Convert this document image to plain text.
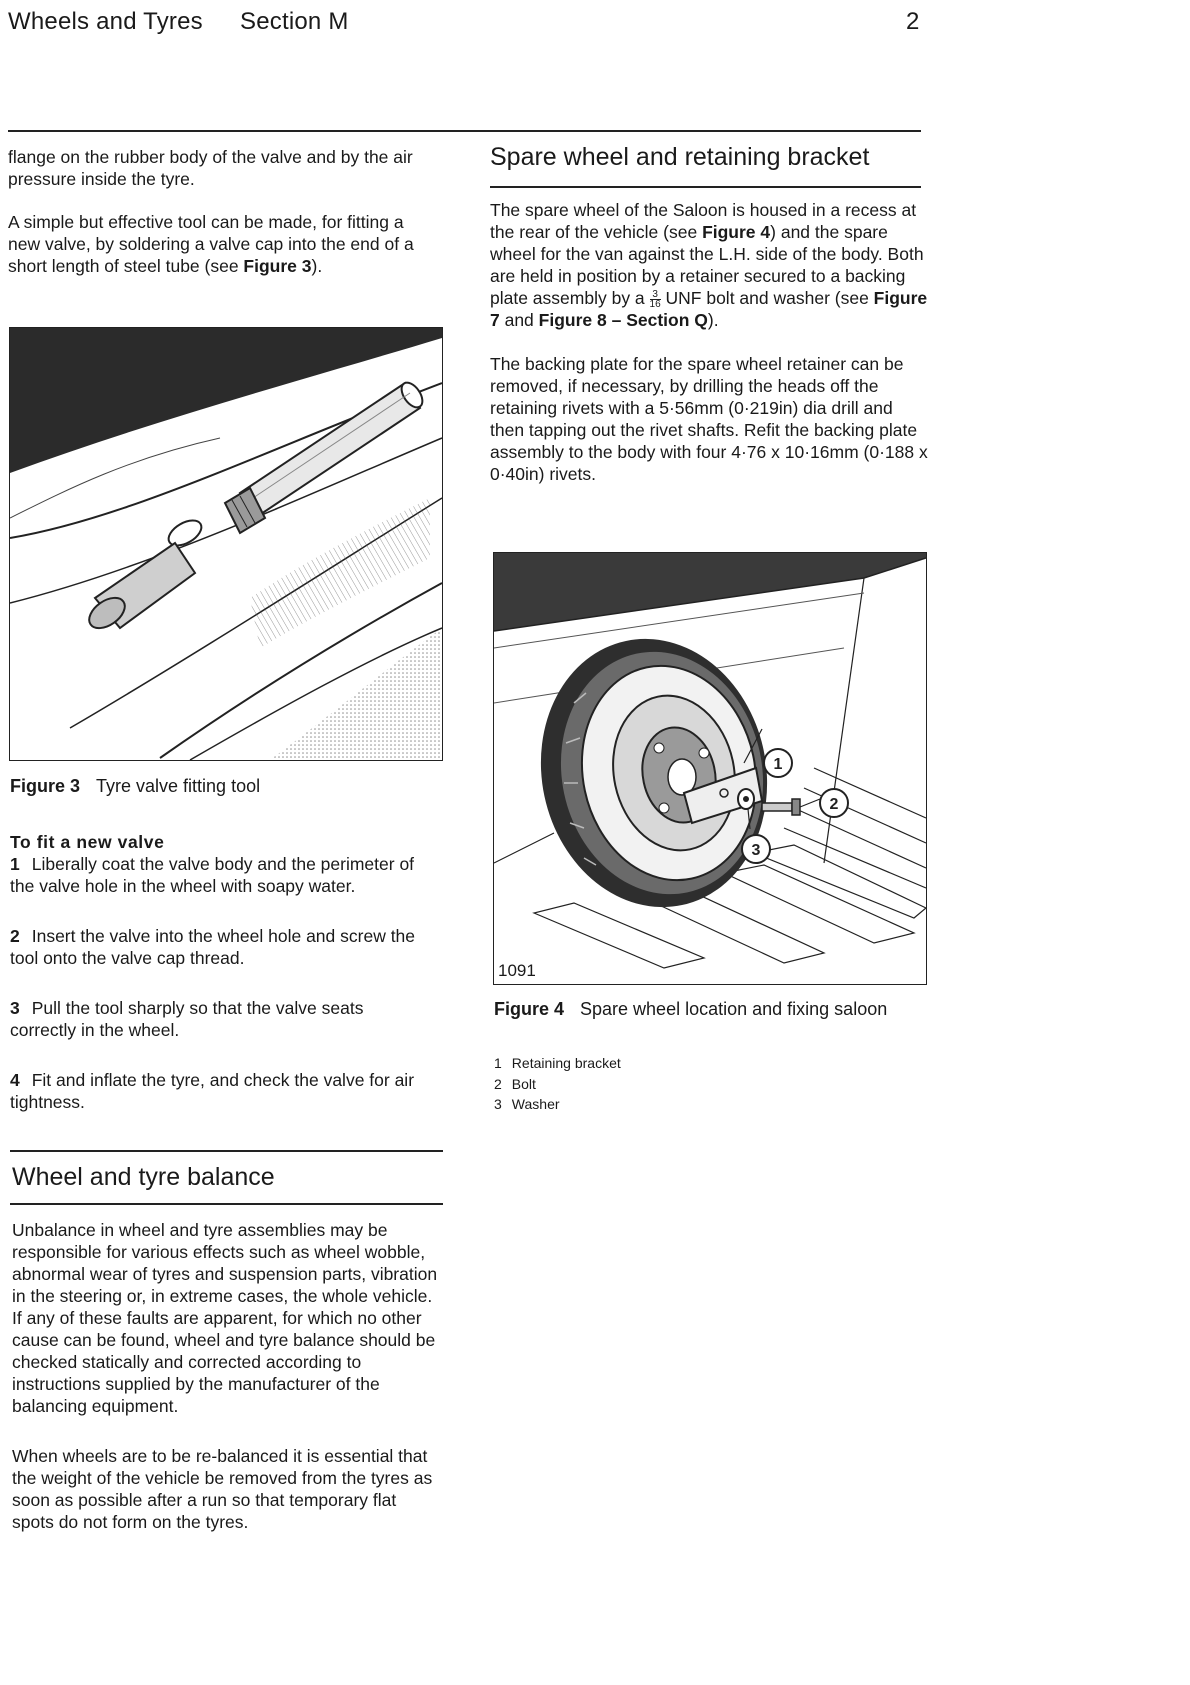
Wheels and Tyres Section M	2

flange on the rubber body of the valve and by the air pressure inside the tyre.

A simple but effective tool can be made, for fitting a new valve, by soldering a valve cap into the end of a short length of steel tube (see Figure 3).

Figure 3 Tyre valve fitting tool

To fit a new valve

1 Liberally coat the valve body and the perimeter of the valve hole in the wheel with soapy water.

2 Insert the valve into the wheel hole and screw the tool onto the valve cap thread.

3 Pull the tool sharply so that the valve seats correctly in the wheel.

4 Fit and inflate the tyre, and check the valve for air tightness.

Wheel and tyre balance

Unbalance in wheel and tyre assemblies may be responsible for various effects such as wheel wobble, abnormal wear of tyres and suspension parts, vibration in the steering or, in extreme cases, the whole vehicle. If any of these faults are apparent, for which no other cause can be found, wheel and tyre balance should be checked statically and corrected according to instructions supplied by the manufacturer of the balancing equipment.

When wheels are to be re-balanced it is essential that the weight of the vehicle be removed from the tyres as soon as possible after a run so that temporary flat spots do not form on the tyres.

Spare wheel and retaining bracket

The spare wheel of the Saloon is housed in a recess at the rear of the vehicle (see Figure 4) and the spare wheel for the van against the L.H. side of the body. Both are held in position by a retainer secured to a backing plate assembly by a $\frac{3}{16}$ UNF bolt and washer (see Figure 7 and Figure 8 – Section Q).

The backing plate for the spare wheel retainer can be removed, if necessary, by drilling the heads off the retaining rivets with a 5·56mm (0·219in) dia drill and then tapping out the rivet shafts. Refit the backing plate assembly to the body with four 4·76 x 10·16mm (0·188 x 0·40in) rivets.

1
2
3
1091
Figure 4 Spare wheel location and fixing saloon
1 Retaining bracket
2 Bolt
3 Washer
